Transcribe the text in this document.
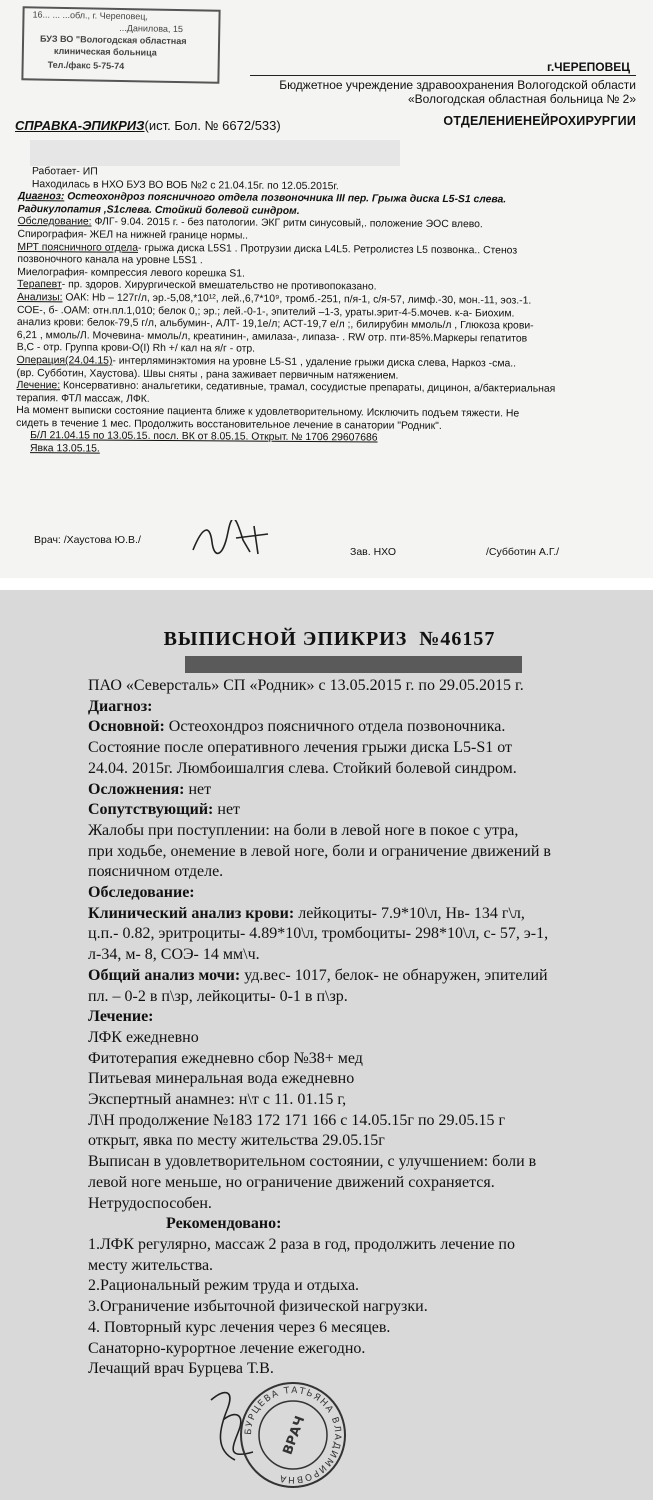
16... ... ...обл., г. Череповец,
...Данилова, 15
БУЗ ВО "Вологодская областная
клиническая больница
Тел./факс 5-75-74	г.ЧЕРЕПОВЕЦ
Бюджетное учреждение здравоохранения Вологодской области
«Вологодская областная больница № 2»
ОТДЕЛЕНИЕНЕЙРОХИРУРГИИ
СПРАВКА-ЭПИКРИЗ(ист. Бол. № 6672/533)

Работает- ИП

Находилась в НХО БУЗ ВО ВОБ №2 с 21.04.15г. по 12.05.2015г.

Диагноз: Остеохондроз поясничного отдела позвоночника III пер. Грыжа диска L5-S1 слева.

Радикулопатия ,S1слева. Стойкий болевой синдром.

Обследование: ФЛГ- 9.04. 2015 г. - без патологии. ЭКГ ритм синусовый,. положение ЭОС влево.

Спирография- ЖЕЛ на нижней границе нормы..

МРТ поясничного отдела- грыжа диска L5S1 . Протрузии диска L4L5. Ретролистез L5 позвонка.. Стеноз

позвоночного канала на уровне L5S1 .

Миелография- компрессия левого корешка S1.

Терапевт- пр. здоров. Хирургической вмешательство не противопоказано.

Анализы: ОАК: Hb – 127г/л, эр.-5,08,*10¹², лей.,6,7*10⁹, тромб.-251, п/я-1, с/я-57, лимф.-30, мон.-11, эоз.-1.

СОЕ-, б- .ОАМ: отн.пл.1,010; белок 0,; эр.; лей.-0-1-, эпителий –1-3, ураты.эрит-4-5.мочев. к-а- Биохим.

анализ крови: белок-79,5 г/л, альбумин-, АЛТ- 19,1е/л; АСТ-19,7 е/л ;, билирубин ммоль/л , Глюкоза крови-

6,21 , ммоль/Л. Мочевина- ммоль/л, креатинин-, амилаза-, липаза- . RW отр. пти-85%.Маркеры гепатитов

В,С - отр. Группа крови-О(I) Rh +/ кал на я/г - отр.

Операция(24.04.15)- интерляминэктомия на уровне L5-S1 , удаление грыжи диска слева, Наркоз -сма..

(вр. Субботин, Хаустова). Швы сняты , рана заживает первичным натяжением.

Лечение: Консервативно: анальгетики, седативные, трамал, сосудистые препараты, дицинон, а/бактериальная

терапия. ФТЛ массаж, ЛФК.

На момент выписки состояние пациента ближе к удовлетворительному. Исключить подъем тяжести. Не

сидеть в течение 1 мес. Продолжить восстановительное лечение в санатории "Родник".

Б/Л 21.04.15 по 13.05.15. посл. ВК от 8.05.15. Открыт. № 1706 29607686

Явка 13.05.15.

Врач: /Хаустова Ю.В./
Зав. НХО	/Субботин А.Г./
ВЫПИСНОЙ ЭПИКРИЗ №46157

ПАО «Северсталь» СП «Родник» с 13.05.2015 г. по 29.05.2015 г.

Диагноз:

Основной: Остеохондроз поясничного отдела позвоночника.

Состояние после оперативного лечения грыжи диска L5-S1 от

24.04. 2015г. Люмбоишалгия слева. Стойкий болевой синдром.

Осложнения: нет

Сопутствующий: нет

Жалобы при поступлении: на боли в левой ноге в покое с утра,

при ходьбе, онемение в левой ноге, боли и ограничение движений в

поясничном отделе.

Обследование:

Клинический анализ крови: лейкоциты- 7.9*10\л, Нв- 134 г\л,

ц.п.- 0.82, эритроциты- 4.89*10\л, тромбоциты- 298*10\л, с- 57, э-1,

л-34, м- 8, СОЭ- 14 мм\ч.

Общий анализ мочи: уд.вес- 1017, белок- не обнаружен, эпителий

пл. – 0-2 в п\зр, лейкоциты- 0-1 в п\зр.

Лечение:

ЛФК ежедневно

Фитотерапия ежедневно сбор №38+ мед

Питьевая минеральная вода ежедневно

Экспертный анамнез: н\т с 11. 01.15 г,

Л\Н продолжение №183 172 171 166 с 14.05.15г по 29.05.15 г

открыт, явка по месту жительства 29.05.15г

Выписан в удовлетворительном состоянии, с улучшением: боли в

левой ноге меньше, но ограничение движений сохраняется.

Нетрудоспособен.

Рекомендовано:

1.ЛФК регулярно, массаж 2 раза в год, продолжить лечение по

месту жительства.

2.Рациональный режим труда и отдыха.

3.Ограничение избыточной физической нагрузки.

4. Повторный курс лечения через 6 месяцев.

Санаторно-курортное лечение ежегодно.

Лечащий врач Бурцева Т.В.

БУРЦЕВА ТАТЬЯНА ВЛАДИМИРОВНА
ВРАЧ
